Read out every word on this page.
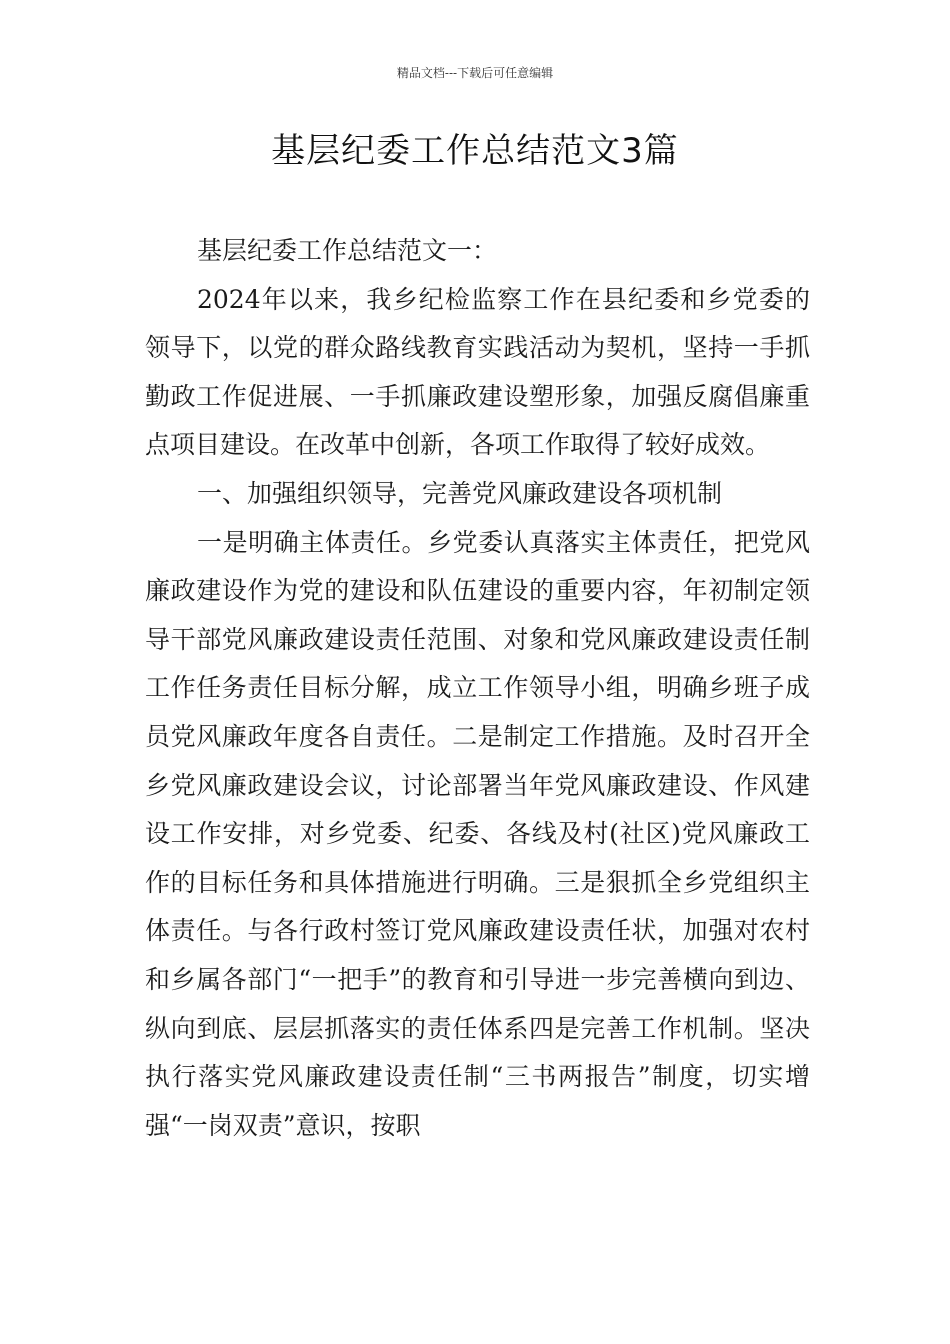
精品文档---下载后可任意编辑
基层纪委工作总结范文3篇

基层纪委工作总结范文一：

2024年以来，我乡纪检监察工作在县纪委和乡党委的领导下，以党的群众路线教育实践活动为契机，坚持一手抓勤政工作促进展、一手抓廉政建设塑形象，加强反腐倡廉重点项目建设。在改革中创新，各项工作取得了较好成效。

一、加强组织领导，完善党风廉政建设各项机制

一是明确主体责任。乡党委认真落实主体责任，把党风廉政建设作为党的建设和队伍建设的重要内容，年初制定领导干部党风廉政建设责任范围、对象和党风廉政建设责任制工作任务责任目标分解，成立工作领导小组，明确乡班子成员党风廉政年度各自责任。二是制定工作措施。及时召开全乡党风廉政建设会议，讨论部署当年党风廉政建设、作风建设工作安排，对乡党委、纪委、各线及村(社区)党风廉政工作的目标任务和具体措施进行明确。三是狠抓全乡党组织主体责任。与各行政村签订党风廉政建设责任状，加强对农村和乡属各部门“一把手”的教育和引导进一步完善横向到边、纵向到底、层层抓落实的责任体系四是完善工作机制。坚决执行落实党风廉政建设责任制“三书两报告”制度，切实增强“一岗双责”意识，按职
